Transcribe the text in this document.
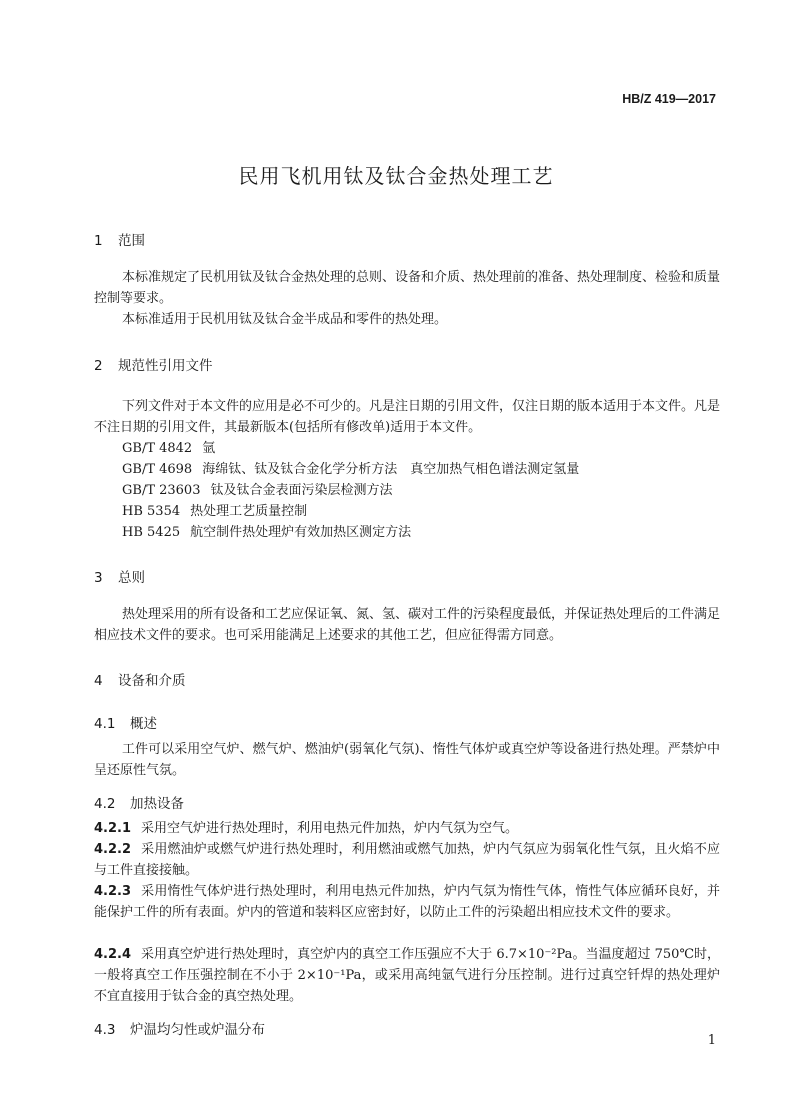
HB/Z 419—2017
民用飞机用钛及钛合金热处理工艺
1 范围
本标准规定了民机用钛及钛合金热处理的总则、设备和介质、热处理前的准备、热处理制度、检验和质量控制等要求。
本标准适用于民机用钛及钛合金半成品和零件的热处理。
2 规范性引用文件
下列文件对于本文件的应用是必不可少的。凡是注日期的引用文件，仅注日期的版本适用于本文件。凡是不注日期的引用文件，其最新版本(包括所有修改单)适用于本文件。
GB/T 4842 氩
GB/T 4698 海绵钛、钛及钛合金化学分析方法　真空加热气相色谱法测定氢量
GB/T 23603 钛及钛合金表面污染层检测方法
HB 5354 热处理工艺质量控制
HB 5425 航空制件热处理炉有效加热区测定方法
3 总则
热处理采用的所有设备和工艺应保证氧、氮、氢、碳对工件的污染程度最低，并保证热处理后的工件满足相应技术文件的要求。也可采用能满足上述要求的其他工艺，但应征得需方同意。
4 设备和介质
4.1 概述
工件可以采用空气炉、燃气炉、燃油炉(弱氧化气氛)、惰性气体炉或真空炉等设备进行热处理。严禁炉中呈还原性气氛。
4.2 加热设备
4.2.1 采用空气炉进行热处理时，利用电热元件加热，炉内气氛为空气。
4.2.2 采用燃油炉或燃气炉进行热处理时，利用燃油或燃气加热，炉内气氛应为弱氧化性气氛，且火焰不应与工件直接接触。
4.2.3 采用惰性气体炉进行热处理时，利用电热元件加热，炉内气氛为惰性气体，惰性气体应循环良好，并能保护工件的所有表面。炉内的管道和装料区应密封好，以防止工件的污染超出相应技术文件的要求。
4.2.4 采用真空炉进行热处理时，真空炉内的真空工作压强应不大于 6.7×10⁻²Pa。当温度超过 750℃时，一般将真空工作压强控制在不小于 2×10⁻¹Pa，或采用高纯氩气进行分压控制。进行过真空钎焊的热处理炉不宜直接用于钛合金的真空热处理。
4.3 炉温均匀性或炉温分布
1
